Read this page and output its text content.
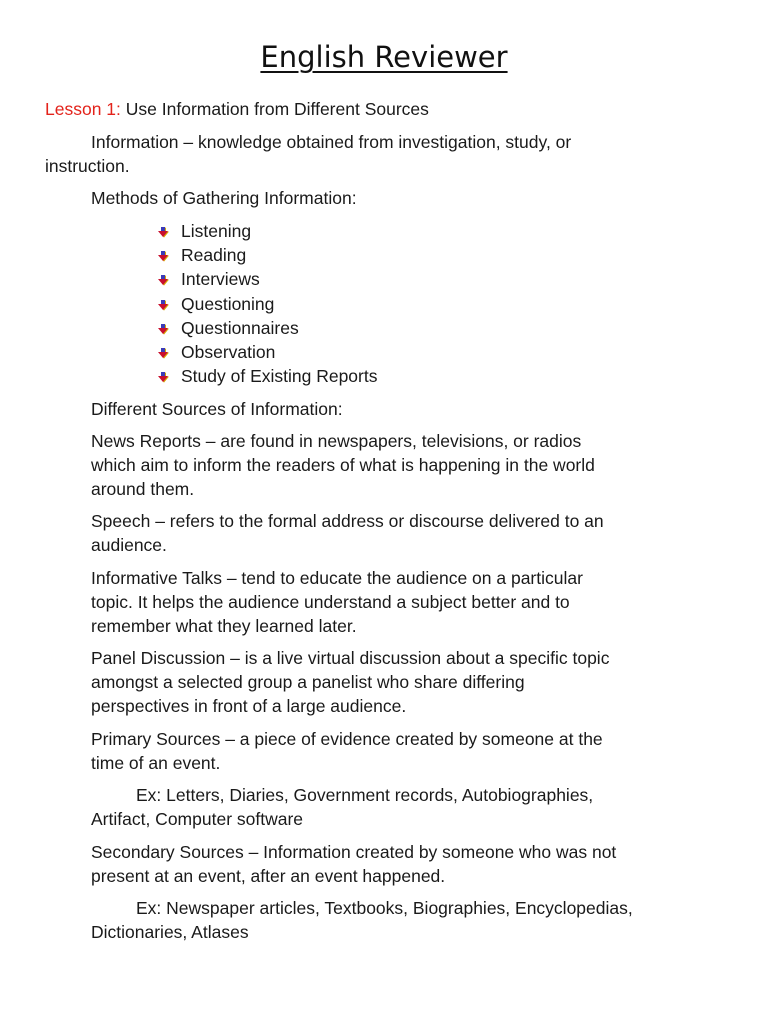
English Reviewer
Lesson 1: Use Information from Different Sources
Information – knowledge obtained from investigation, study, or
instruction.
Methods of Gathering Information:
Listening
Reading
Interviews
Questioning
Questionnaires
Observation
Study of Existing Reports
Different Sources of Information:
News Reports – are found in newspapers, televisions, or radios
which aim to inform the readers of what is happening in the world
around them.
Speech – refers to the formal address or discourse delivered to an
audience.
Informative Talks – tend to educate the audience on a particular
topic. It helps the audience understand a subject better and to
remember what they learned later.
Panel Discussion – is a live virtual discussion about a specific topic
amongst a selected group a panelist who share differing
perspectives in front of a large audience.
Primary Sources – a piece of evidence created by someone at the
time of an event.
Ex: Letters, Diaries, Government records, Autobiographies,
Artifact, Computer software
Secondary Sources – Information created by someone who was not
present at an event, after an event happened.
Ex: Newspaper articles, Textbooks, Biographies, Encyclopedias,
Dictionaries, Atlases
